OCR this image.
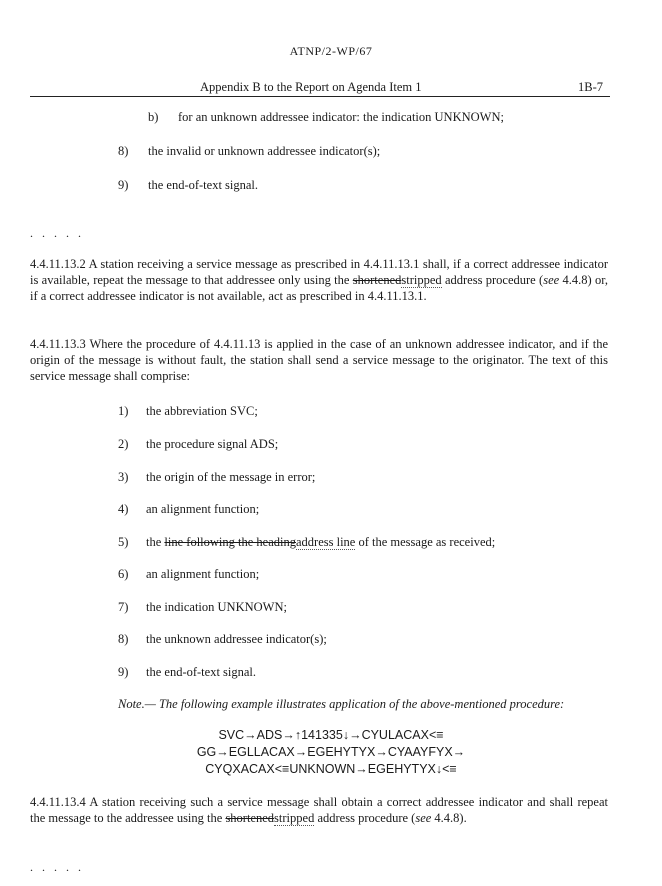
ATNP/2-WP/67
Appendix B to the Report on Agenda Item 1	1B-7
b) for an unknown addressee indicator: the indication UNKNOWN;
8) the invalid or unknown addressee indicator(s);
9) the end-of-text signal.
. . . . .
4.4.11.13.2 A station receiving a service message as prescribed in 4.4.11.13.1 shall, if a correct addressee indicator is available, repeat the message to that addressee only using the shortenedstripped address procedure (see 4.4.8) or, if a correct addressee indicator is not available, act as prescribed in 4.4.11.13.1.
4.4.11.13.3 Where the procedure of 4.4.11.13 is applied in the case of an unknown addressee indicator, and if the origin of the message is without fault, the station shall send a service message to the originator. The text of this service message shall comprise:
1) the abbreviation SVC;
2) the procedure signal ADS;
3) the origin of the message in error;
4) an alignment function;
5) the line following the headingaddress line of the message as received;
6) an alignment function;
7) the indication UNKNOWN;
8) the unknown addressee indicator(s);
9) the end-of-text signal.
Note.— The following example illustrates application of the above-mentioned procedure:
SVC→ADS→↑141335↓→CYULACAX<≡
GG→EGLLACAX→EGEHYTYX→CYAAYFYX→
CYQXACAX<≡UNKNOWN→EGEHYTYX↓<≡
4.4.11.13.4 A station receiving such a service message shall obtain a correct addressee indicator and shall repeat the message to the addressee using the shortenedstripped address procedure (see 4.4.8).
. . . . .
